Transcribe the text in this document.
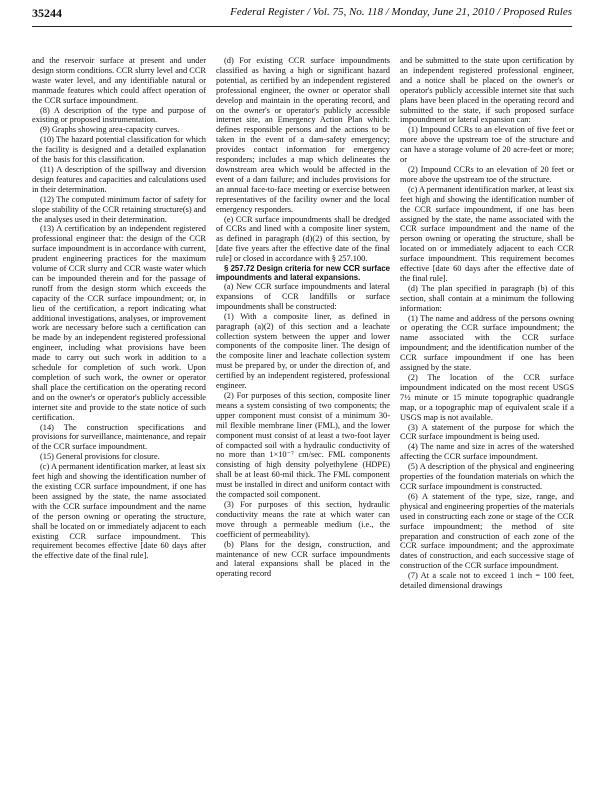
35244	Federal Register / Vol. 75, No. 118 / Monday, June 21, 2010 / Proposed Rules

and the reservoir surface at present and under design storm conditions. CCR slurry level and CCR waste water level, and any identifiable natural or manmade features which could affect operation of the CCR surface impoundment.

(8) A description of the type and purpose of existing or proposed instrumentation.

(9) Graphs showing area-capacity curves.

(10) The hazard potential classification for which the facility is designed and a detailed explanation of the basis for this classification.

(11) A description of the spillway and diversion design features and capacities and calculations used in their determination.

(12) The computed minimum factor of safety for slope stability of the CCR retaining structure(s) and the analyses used in their determination.

(13) A certification by an independent registered professional engineer that: the design of the CCR surface impoundment is in accordance with current, prudent engineering practices for the maximum volume of CCR slurry and CCR waste water which can be impounded therein and for the passage of runoff from the design storm which exceeds the capacity of the CCR surface impoundment; or, in lieu of the certification, a report indicating what additional investigations, analyses, or improvement work are necessary before such a certification can be made by an independent registered professional engineer, including what provisions have been made to carry out such work in addition to a schedule for completion of such work. Upon completion of such work, the owner or operator shall place the certification on the operating record and on the owner's or operator's publicly accessible internet site and provide to the state notice of such certification.

(14) The construction specifications and provisions for surveillance, maintenance, and repair of the CCR surface impoundment.

(15) General provisions for closure.

(c) A permanent identification marker, at least six feet high and showing the identification number of the existing CCR surface impoundment, if one has been assigned by the state, the name associated with the CCR surface impoundment and the name of the person owning or operating the structure, shall be located on or immediately adjacent to each existing CCR surface impoundment. This requirement becomes effective [date 60 days after the effective date of the final rule].

(d) For existing CCR surface impoundments classified as having a high or significant hazard potential, as certified by an independent registered professional engineer, the owner or operator shall develop and maintain in the operating record, and on the owner's or operator's publicly accessible internet site, an Emergency Action Plan which: defines responsible persons and the actions to be taken in the event of a dam-safety emergency; provides contact information for emergency responders; includes a map which delineates the downstream area which would be affected in the event of a dam failure; and includes provisions for an annual face-to-face meeting or exercise between representatives of the facility owner and the local emergency responders.

(e) CCR surface impoundments shall be dredged of CCRs and lined with a composite liner system, as defined in paragraph (d)(2) of this section, by [date five years after the effective date of the final rule] or closed in accordance with § 257.100.

§ 257.72 Design criteria for new CCR surface impoundments and lateral expansions.

(a) New CCR surface impoundments and lateral expansions of CCR landfills or surface impoundments shall be constructed:

(1) With a composite liner, as defined in paragraph (a)(2) of this section and a leachate collection system between the upper and lower components of the composite liner. The design of the composite liner and leachate collection system must be prepared by, or under the direction of, and certified by an independent registered, professional engineer.

(2) For purposes of this section, composite liner means a system consisting of two components; the upper component must consist of a minimum 30-mil flexible membrane liner (FML), and the lower component must consist of at least a two-foot layer of compacted soil with a hydraulic conductivity of no more than 1×10⁻⁷ cm/sec. FML components consisting of high density polyethylene (HDPE) shall be at least 60-mil thick. The FML component must be installed in direct and uniform contact with the compacted soil component.

(3) For purposes of this section, hydraulic conductivity means the rate at which water can move through a permeable medium (i.e., the coefficient of permeability).

(b) Plans for the design, construction, and maintenance of new CCR surface impoundments and lateral expansions shall be placed in the operating record

and be submitted to the state upon certification by an independent registered professional engineer, and a notice shall be placed on the owner's or operator's publicly accessible internet site that such plans have been placed in the operating record and submitted to the state, if such proposed surface impoundment or lateral expansion can:

(1) Impound CCRs to an elevation of five feet or more above the upstream toe of the structure and can have a storage volume of 20 acre-feet or more; or

(2) Impound CCRs to an elevation of 20 feet or more above the upstream toe of the structure.

(c) A permanent identification marker, at least six feet high and showing the identification number of the CCR surface impoundment, if one has been assigned by the state, the name associated with the CCR surface impoundment and the name of the person owning or operating the structure, shall be located on or immediately adjacent to each CCR surface impoundment. This requirement becomes effective [date 60 days after the effective date of the final rule].

(d) The plan specified in paragraph (b) of this section, shall contain at a minimum the following information:

(1) The name and address of the persons owning or operating the CCR surface impoundment; the name associated with the CCR surface impoundment; and the identification number of the CCR surface impoundment if one has been assigned by the state.

(2) The location of the CCR surface impoundment indicated on the most recent USGS 7½ minute or 15 minute topographic quadrangle map, or a topographic map of equivalent scale if a USGS map is not available.

(3) A statement of the purpose for which the CCR surface impoundment is being used.

(4) The name and size in acres of the watershed affecting the CCR surface impoundment.

(5) A description of the physical and engineering properties of the foundation materials on which the CCR surface impoundment is constructed.

(6) A statement of the type, size, range, and physical and engineering properties of the materials used in constructing each zone or stage of the CCR surface impoundment; the method of site preparation and construction of each zone of the CCR surface impoundment; and the approximate dates of construction, and each successive stage of construction of the CCR surface impoundment.

(7) At a scale not to exceed 1 inch = 100 feet, detailed dimensional drawings
